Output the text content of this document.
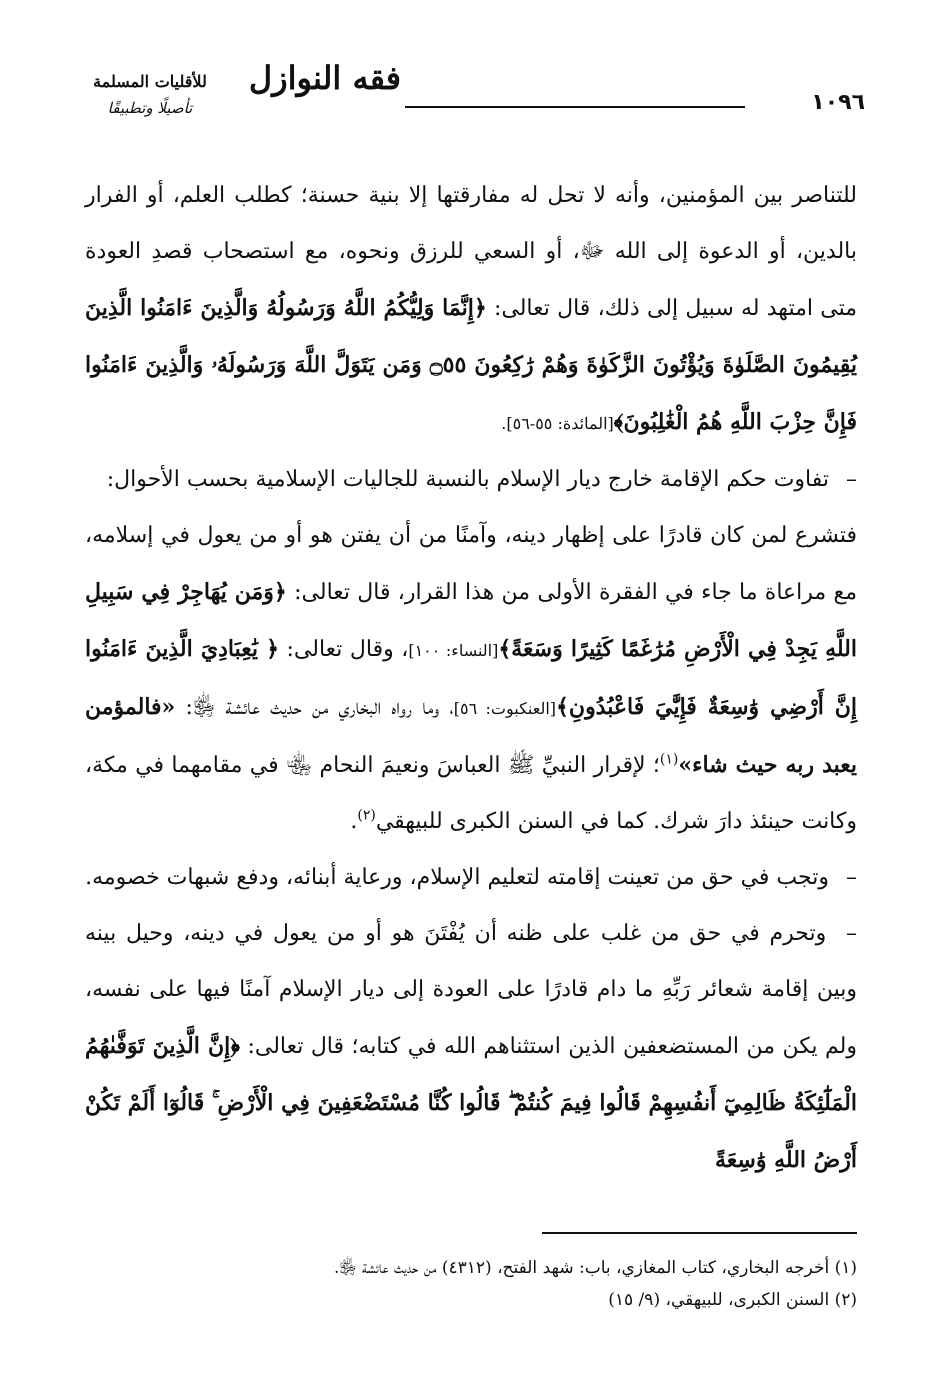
١٠٩٦
فقه النوازل
للأقليات المسلمة
تأصيلًا وتطبيقًا

للتناصر بين المؤمنين، وأنه لا تحل له مفارقتها إلا بنية حسنة؛ كطلب العلم، أو الفرار بالدين، أو الدعوة إلى الله ﷻ، أو السعي للرزق ونحوه، مع استصحاب قصدِ العودة متى امتهد له سبيل إلى ذلك، قال تعالى: ﴿إِنَّمَا وَلِيُّكُمُ اللَّهُ وَرَسُولُهُ وَالَّذِينَ ءَامَنُوا الَّذِينَ يُقِيمُونَ الصَّلَوٰةَ وَيُؤْتُونَ الزَّكَوٰةَ وَهُمْ رَٰكِعُونَ ۝٥٥ وَمَن يَتَوَلَّ اللَّهَ وَرَسُولَهُۥ وَالَّذِينَ ءَامَنُوا فَإِنَّ حِزْبَ اللَّهِ هُمُ الْغَٰلِبُونَ﴾[المائدة: ٥٥-٥٦].

– تفاوت حكم الإقامة خارج ديار الإسلام بالنسبة للجاليات الإسلامية بحسب الأحوال:

فتشرع لمن كان قادرًا على إظهار دينه، وآمنًا من أن يفتن هو أو من يعول في إسلامه، مع مراعاة ما جاء في الفقرة الأولى من هذا القرار، قال تعالى: ﴿وَمَن يُهَاجِرْ فِي سَبِيلِ اللَّهِ يَجِدْ فِي الْأَرْضِ مُرَٰغَمًا كَثِيرًا وَسَعَةً﴾[النساء: ١٠٠]، وقال تعالى: ﴿ يَٰعِبَادِيَ الَّذِينَ ءَامَنُوا إِنَّ أَرْضِي وَٰسِعَةٌ فَإِيَّٰيَ فَاعْبُدُونِ﴾[العنكبوت: ٥٦]، وما رواه البخاري من حديث عائشة ﵂: «فالمؤمن يعبد ربه حيث شاء»$^{(١)}$؛ لإقرار النبيِّ ﷺ العباسَ ونعيمَ النحام ﵄ في مقامهما في مكة، وكانت حينئذ دارَ شرك. كما في السنن الكبرى للبيهقي$^{(٢)}$.

– وتجب في حق من تعينت إقامته لتعليم الإسلام، ورعاية أبنائه، ودفع شبهات خصومه.

– وتحرم في حق من غلب على ظنه أن يُفْتَنَ هو أو من يعول في دينه، وحيل بينه وبين إقامة شعائر رَبِّهِ ما دام قادرًا على العودة إلى ديار الإسلام آمنًا فيها على نفسه، ولم يكن من المستضعفين الذين استثناهم الله في كتابه؛ قال تعالى: ﴿إِنَّ الَّذِينَ تَوَفَّىٰهُمُ الْمَلَٰٓئِكَةُ ظَالِمِيٓ أَنفُسِهِمْ قَالُوا فِيمَ كُنتُمْ ۖ قَالُوا كُنَّا مُسْتَضْعَفِينَ فِي الْأَرْضِ ۚ قَالُوٓا أَلَمْ تَكُنْ أَرْضُ اللَّهِ وَٰسِعَةً

(١) أخرجه البخاري، كتاب المغازي، باب: شهد الفتح، (٤٣١٢) من حديث عائشة ﵂.

(٢) السنن الكبرى، للبيهقي، (٩/ ١٥)
